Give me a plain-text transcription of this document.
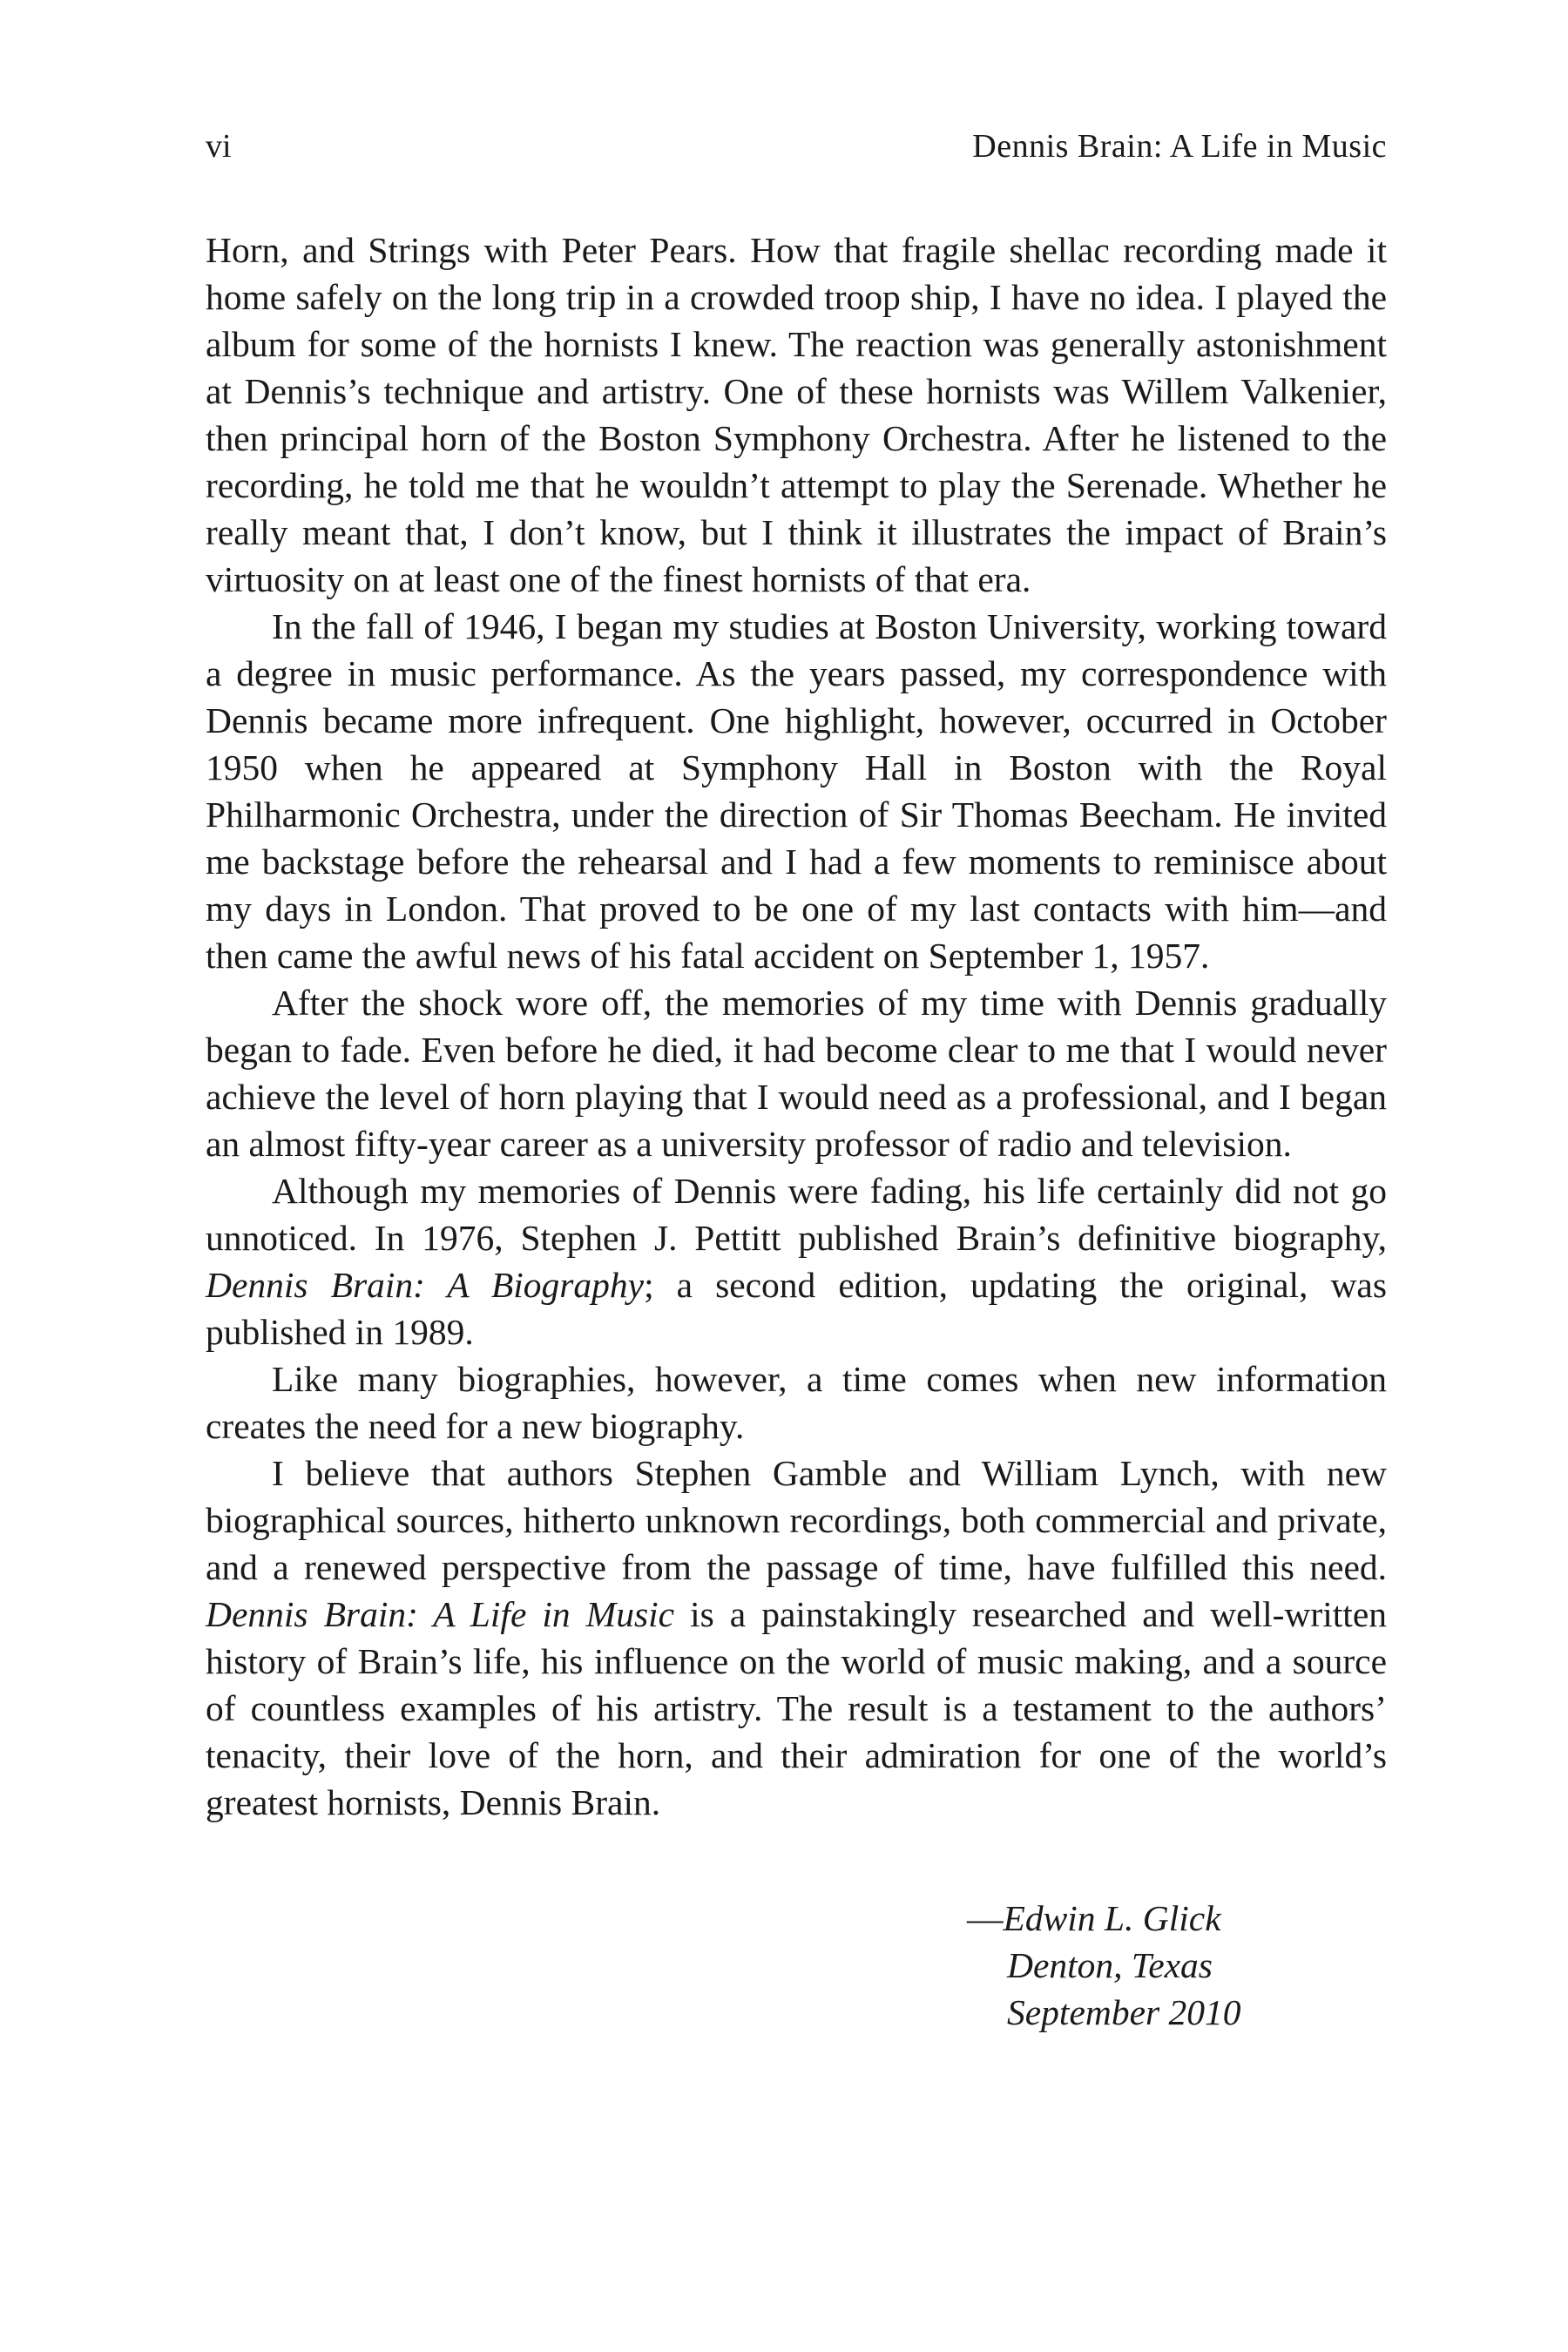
vi	Dennis Brain: A Life in Music

Horn, and Strings with Peter Pears. How that fragile shellac recording made it home safely on the long trip in a crowded troop ship, I have no idea. I played the album for some of the hornists I knew. The reaction was generally astonishment at Dennis’s technique and artistry. One of these hornists was Willem Valkenier, then principal horn of the Boston Symphony Orchestra. After he listened to the recording, he told me that he wouldn’t attempt to play the Serenade. Whether he really meant that, I don’t know, but I think it illustrates the impact of Brain’s virtuosity on at least one of the finest hornists of that era.

In the fall of 1946, I began my studies at Boston University, working toward a degree in music performance. As the years passed, my correspondence with Dennis became more infrequent. One highlight, however, occurred in October 1950 when he appeared at Symphony Hall in Boston with the Royal Philharmonic Orchestra, under the direction of Sir Thomas Beecham. He invited me backstage before the rehearsal and I had a few moments to reminisce about my days in London. That proved to be one of my last contacts with him—and then came the awful news of his fatal accident on September 1, 1957.

After the shock wore off, the memories of my time with Dennis gradually began to fade. Even before he died, it had become clear to me that I would never achieve the level of horn playing that I would need as a professional, and I began an almost fifty-year career as a university professor of radio and television.

Although my memories of Dennis were fading, his life certainly did not go unnoticed. In 1976, Stephen J. Pettitt published Brain’s definitive biography, Dennis Brain: A Biography; a second edition, updating the original, was published in 1989.

Like many biographies, however, a time comes when new information creates the need for a new biography.

I believe that authors Stephen Gamble and William Lynch, with new biographical sources, hitherto unknown recordings, both commercial and private, and a renewed perspective from the passage of time, have fulfilled this need. Dennis Brain: A Life in Music is a painstakingly researched and well-written history of Brain’s life, his influence on the world of music making, and a source of countless examples of his artistry. The result is a testament to the authors’ tenacity, their love of the horn, and their admiration for one of the world’s greatest hornists, Dennis Brain.

—Edwin L. Glick
Denton, Texas
September 2010
